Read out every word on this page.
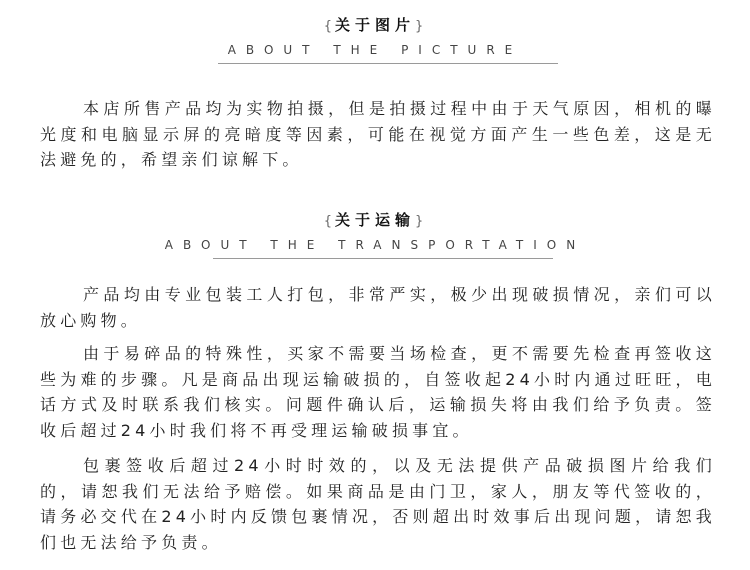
{关于图片}
ABOUT THE PICTURE

本店所售产品均为实物拍摄，但是拍摄过程中由于天气原因，相机的曝光度和电脑显示屏的亮暗度等因素，可能在视觉方面产生一些色差，这是无法避免的，希望亲们谅解下。

{关于运输}
ABOUT THE TRANSPORTATION

产品均由专业包装工人打包，非常严实，极少出现破损情况，亲们可以放心购物。

由于易碎品的特殊性，买家不需要当场检查，更不需要先检查再签收这些为难的步骤。凡是商品出现运输破损的，自签收起24小时内通过旺旺，电话方式及时联系我们核实。问题件确认后，运输损失将由我们给予负责。签收后超过24小时我们将不再受理运输破损事宜。

包裹签收后超过24小时时效的，以及无法提供产品破损图片给我们的，请恕我们无法给予赔偿。如果商品是由门卫，家人，朋友等代签收的，请务必交代在24小时内反馈包裹情况，否则超出时效事后出现问题，请恕我们也无法给予负责。
